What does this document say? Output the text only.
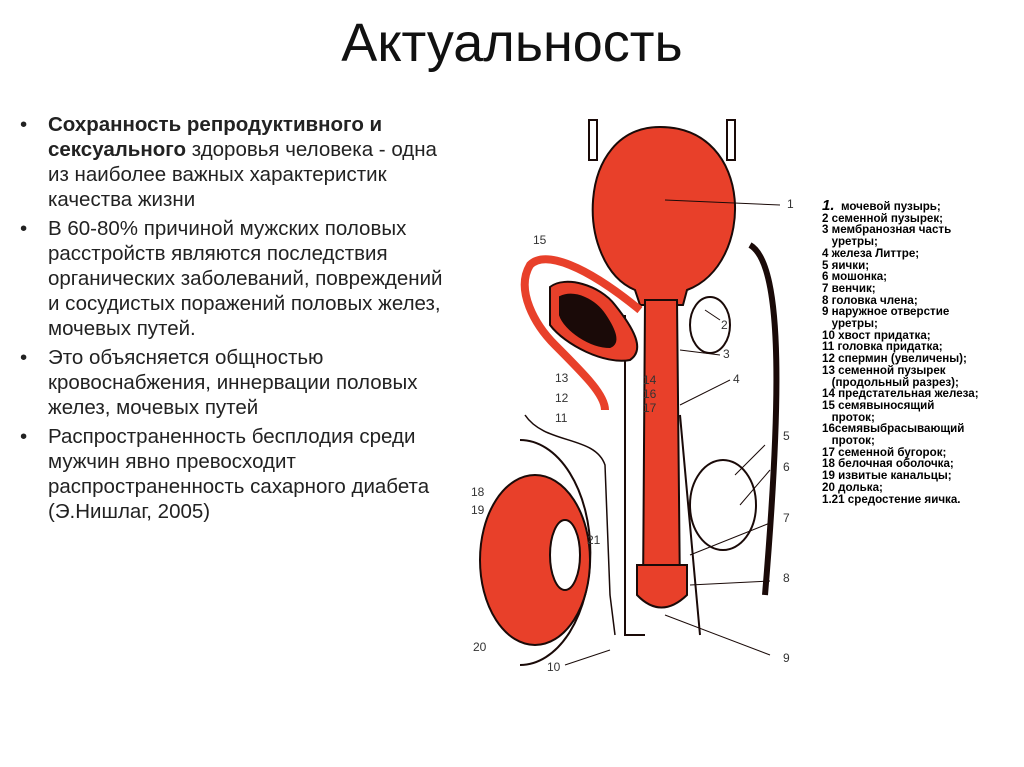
Актуальность
• Сохранность репродуктивного и сексуального здоровья человека - одна из наиболее важных характеристик качества жизни
• В 60-80% причиной мужских половых расстройств являются последствия органических заболеваний, повреждений и сосудистых поражений половых желез, мочевых путей.
• Это объясняется общностью кровоснабжения, иннервации половых желез, мочевых путей
• Распространенность бесплодия среди мужчин явно превосходит распространенность сахарного диабета (Э.Нишлаг, 2005)
1
2
3
4
5
6
7
8
9
10
11
12
13	14
15
16
17
18
19
20
21
1.  мочевой пузырь;
2 семенной пузырек;
3 мембранозная часть
уретры;
4 железа Литтре;
5 яички;
6 мошонка;
7 венчик;
8 головка члена;
9 наружное отверстие
уретры;
10 хвост придатка;
11 головка придатка;
12 спермин (увеличены);
13 семенной пузырек
(продольный разрез);
14 предстательная железа;
15 семявыносящий
проток;
16семявыбрасывающий
проток;
17 семенной бугорок;
18 белочная оболочка;
19 извитые канальцы;
20 долька;
1.21 средостение яичка.
